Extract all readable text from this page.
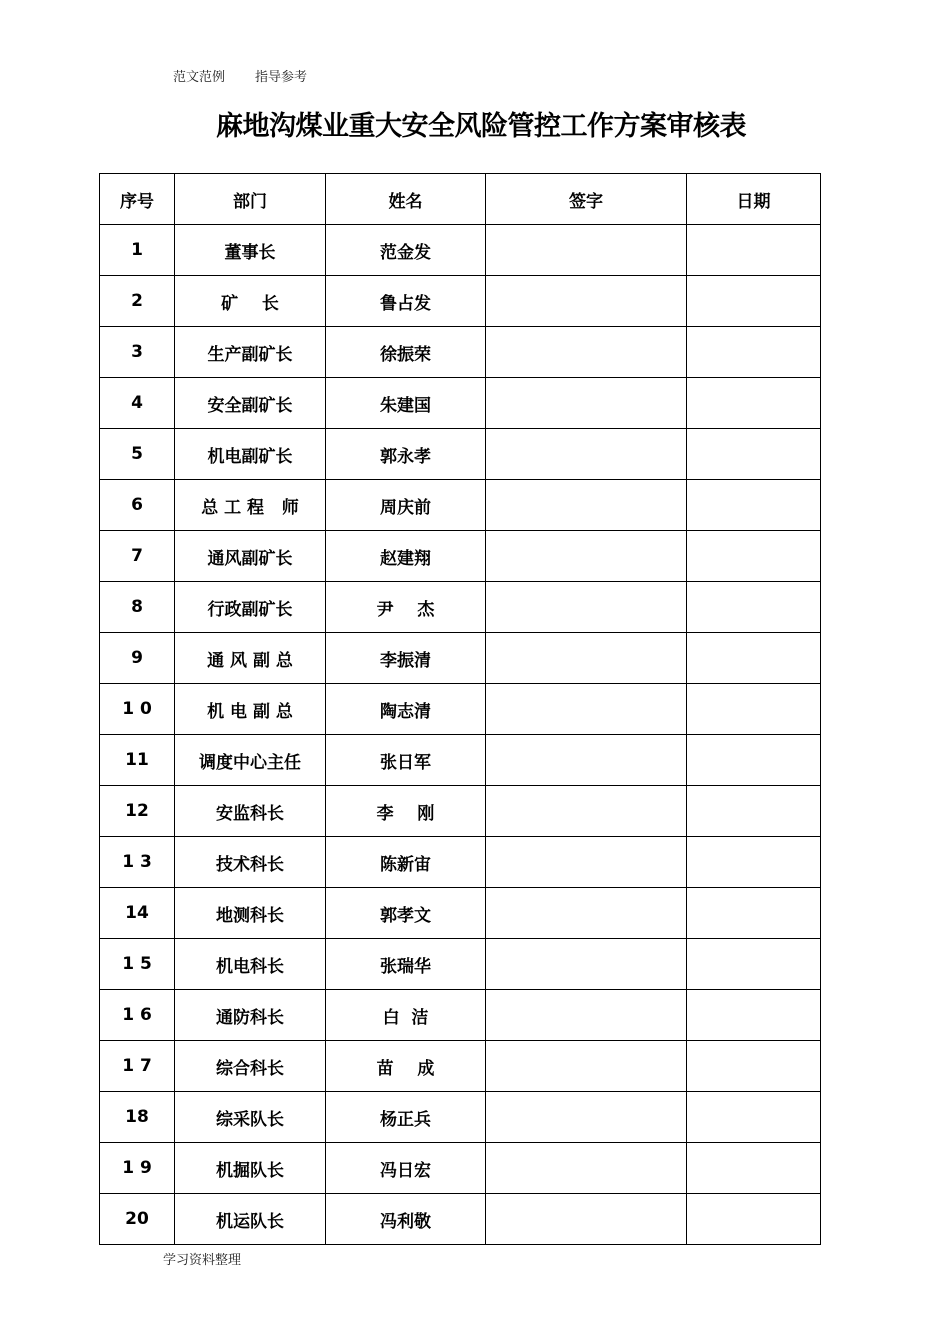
范文范例 指导参考
麻地沟煤业重大安全风险管控工作方案审核表
序号	部门	姓名	签字	日期
1	董事长	范金发		
2	矿    长	鲁占发		
3	生产副矿长	徐振荣		
4	安全副矿长	朱建国		
5	机电副矿长	郭永孝		
6	总 工 程   师	周庆前		
7	通风副矿长	赵建翔		
8	行政副矿长	尹    杰		
9	通 风 副 总	李振清		
1 0	机 电 副 总	陶志清		
11	调度中心主任	张日军		
12	安监科长	李    刚		
1 3	技术科长	陈新宙		
14	地测科长	郭孝文		
1 5	机电科长	张瑞华		
1 6	通防科长	白  洁		
1 7	综合科长	苗    成		
18	综采队长	杨正兵		
1 9	机掘队长	冯日宏		
20	机运队长	冯利敬		
学习资料整理
